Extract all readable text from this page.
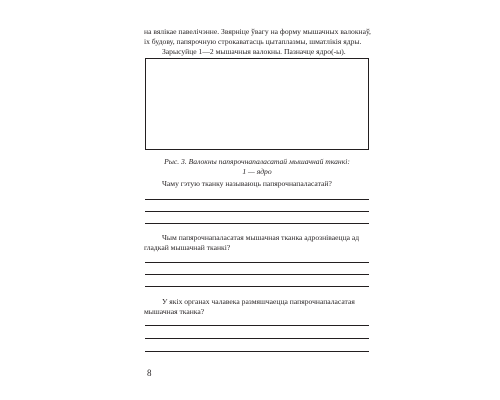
на вялікае павелічэнне. Звярніце ўвагу на форму мышачных валокнаў,
іх будову, папярочную строкаватасць цытаплазмы, шматлікія ядры.
Зарысуйце 1—2 мышачныя валокны. Пазначце ядро(-ы).
Рыс. 3. Валокны папярочнапаласатай мышачнай тканкі:
1 — ядро
Чаму гэтую тканку называюць папярочнапаласатай?
Чым папярочнапаласатая мышачная тканка адрозніваецца ад
гладкай мышачнай тканкі?
У якіх органах чалавека размяшчаецца папярочнапаласатая
мышачная тканка?
8
